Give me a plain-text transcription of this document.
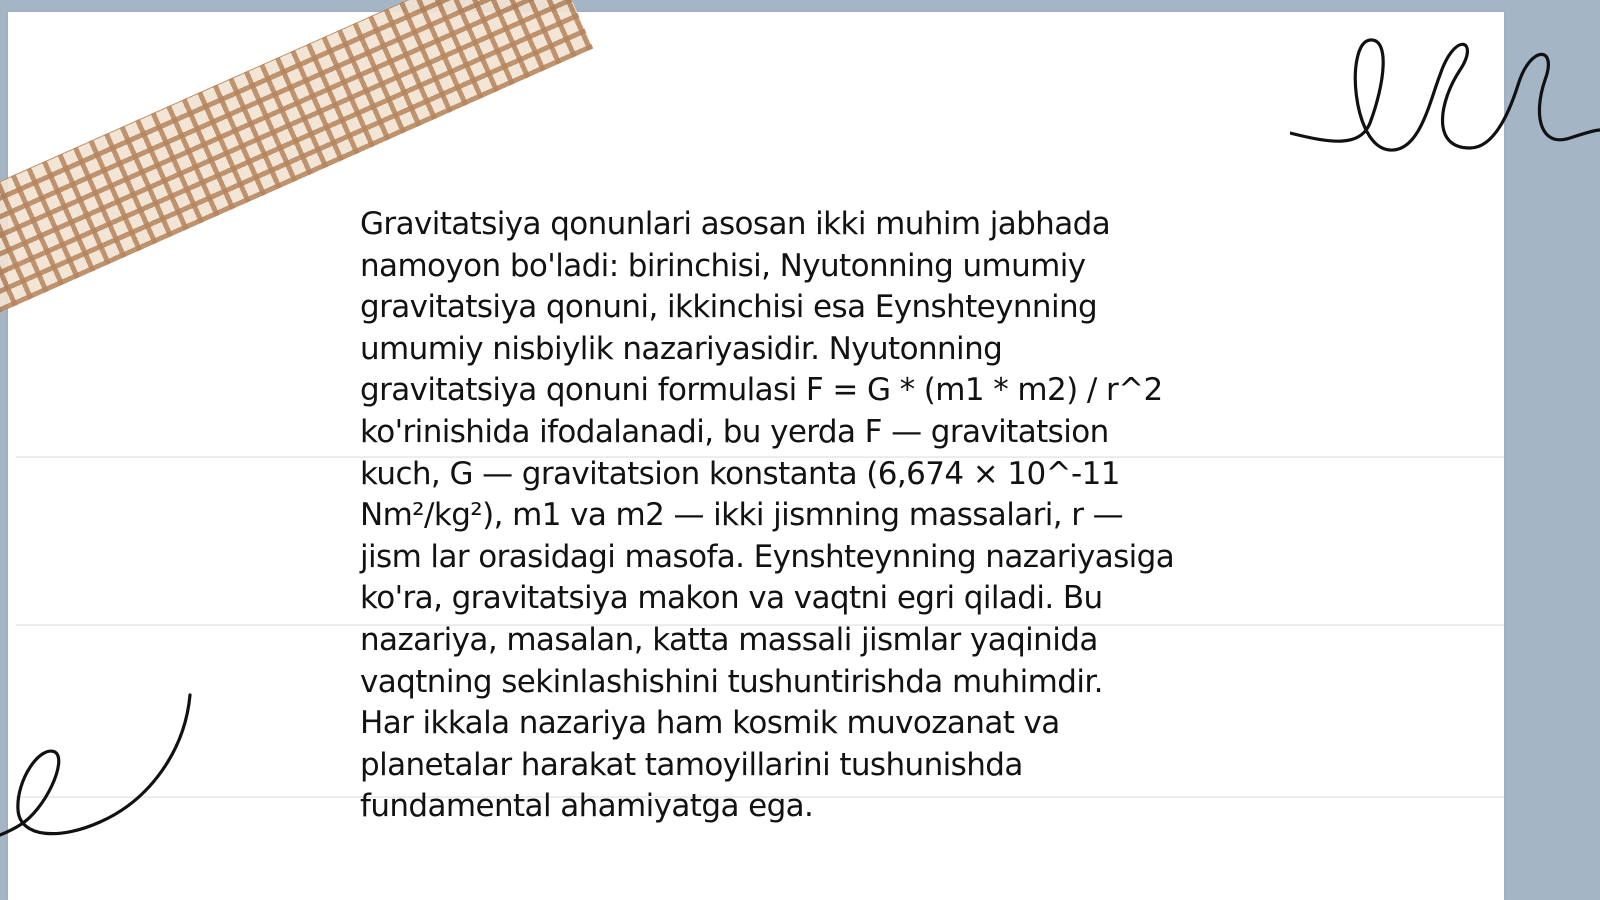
Gravitatsiya qonunlari asosan ikki muhim jabhada
namoyon bo'ladi: birinchisi, Nyutonning umumiy
gravitatsiya qonuni, ikkinchisi esa Eynshteynning
umumiy nisbiylik nazariyasidir. Nyutonning
gravitatsiya qonuni formulasi F = G * (m1 * m2) / r^2
ko'rinishida ifodalanadi, bu yerda F — gravitatsion
kuch, G — gravitatsion konstanta (6,674 × 10^-11
Nm²/kg²), m1 va m2 — ikki jismning massalari, r —
jism lar orasidagi masofa. Eynshteynning nazariyasiga
ko'ra, gravitatsiya makon va vaqtni egri qiladi. Bu
nazariya, masalan, katta massali jismlar yaqinida
vaqtning sekinlashishini tushuntirishda muhimdir.
Har ikkala nazariya ham kosmik muvozanat va
planetalar harakat tamoyillarini tushunishda
fundamental ahamiyatga ega.
